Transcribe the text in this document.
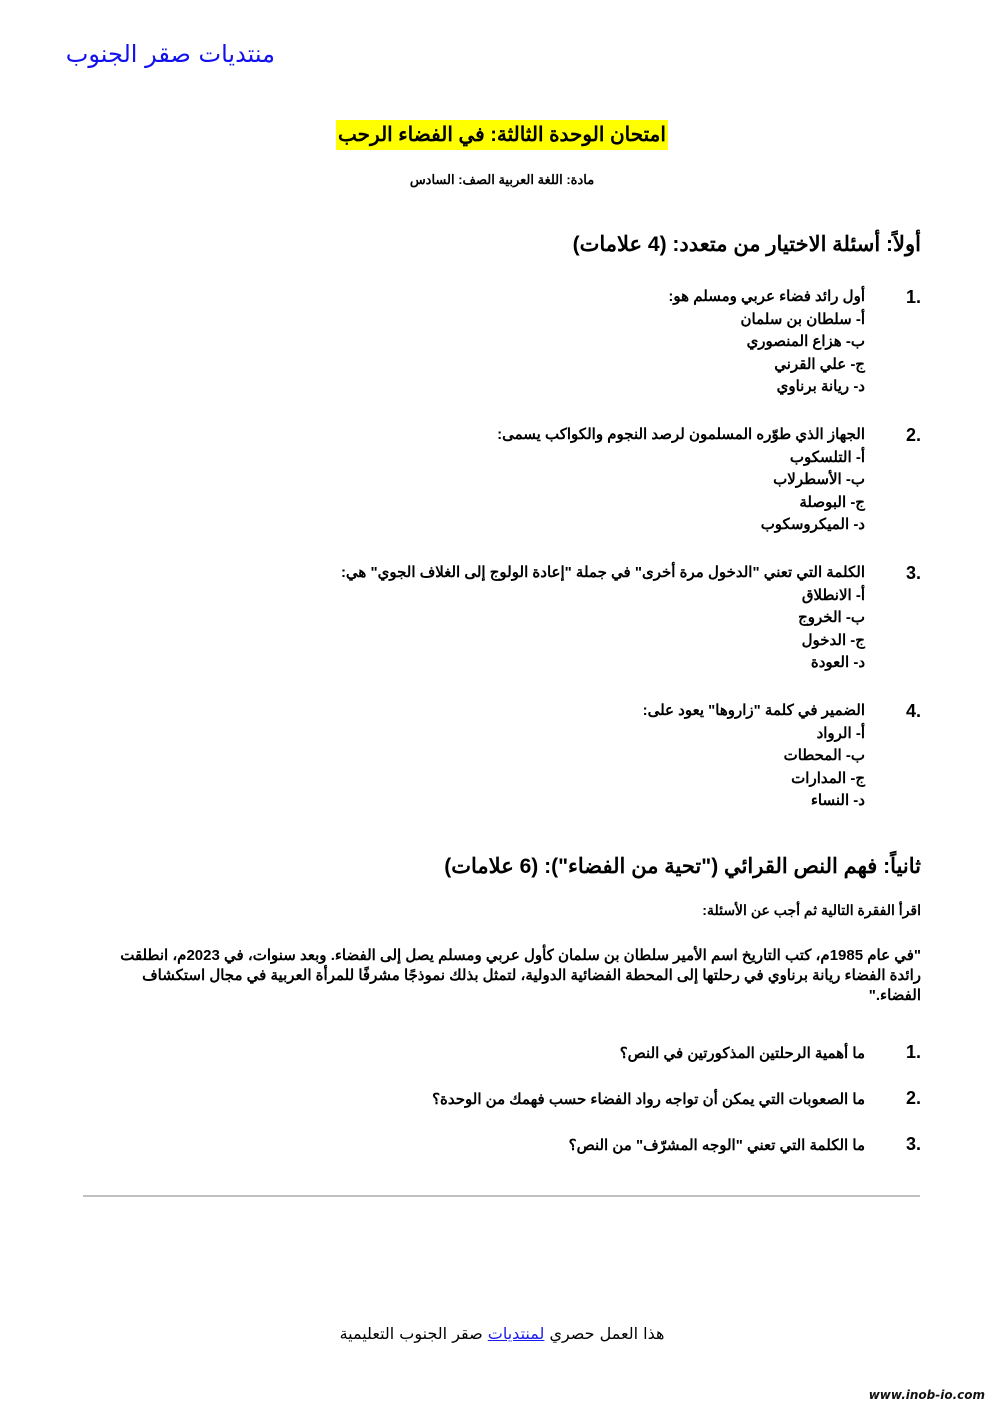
منتديات صقر الجنوب
امتحان الوحدة الثالثة: في الفضاء الرحب
مادة: اللغة العربية الصف: السادس
أولاً: أسئلة الاختيار من متعدد: (4 علامات)
1.
أول رائد فضاء عربي ومسلم هو:
أ- سلطان بن سلمان
ب- هزاع المنصوري
ج- علي القرني
د- ريانة برناوي
2.
الجهاز الذي طوّره المسلمون لرصد النجوم والكواكب يسمى:
أ- التلسكوب
ب- الأسطرلاب
ج- البوصلة
د- الميكروسكوب
3.
الكلمة التي تعني "الدخول مرة أخرى" في جملة "إعادة الولوج إلى الغلاف الجوي" هي:
أ- الانطلاق
ب- الخروج
ج- الدخول
د- العودة
4.
الضمير في كلمة "زاروها" يعود على:
أ- الرواد
ب- المحطات
ج- المدارات
د- النساء
ثانياً: فهم النص القرائي ("تحية من الفضاء"): (6 علامات)
اقرأ الفقرة التالية ثم أجب عن الأسئلة:
"في عام 1985م، كتب التاريخ اسم الأمير سلطان بن سلمان كأول عربي ومسلم يصل إلى الفضاء. وبعد سنوات، في 2023م، انطلقت رائدة الفضاء ريانة برناوي في رحلتها إلى المحطة الفضائية الدولية، لتمثل بذلك نموذجًا مشرفًا للمرأة العربية في مجال استكشاف الفضاء."
1.
ما أهمية الرحلتين المذكورتين في النص؟
2.
ما الصعوبات التي يمكن أن تواجه رواد الفضاء حسب فهمك من الوحدة؟
3.
ما الكلمة التي تعني "الوجه المشرّف" من النص؟
هذا العمل حصري لمنتديات صقر الجنوب التعليمية
www.inob-io.com
